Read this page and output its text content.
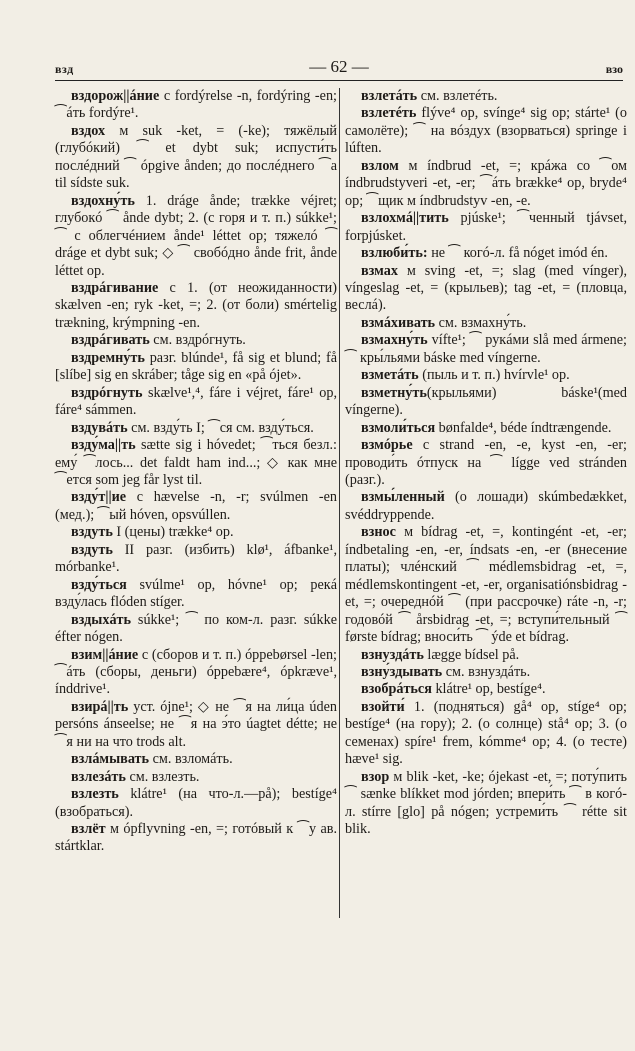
взд	— 62 —	взо

вздорож||áние c fordýrelse -n, fordýring -en; ⁀áть fordýre¹.

вздох м suk -ket, = (-ke); тяжёлый (глубóкий) ⁀ et dybt suk; испусти́ть послéдний ⁀ ópgive ånden; до послéднего ⁀а til sídste suk.

вздохну́ть 1. dráge ånde; trække véjret; глубокó ⁀ ånde dybt; 2. (с горя и т. п.) súkke¹; ⁀ с облегчéнием ånde¹ léttet op; тяжелó ⁀ dráge et dybt suk; ◇ ⁀ свобóдно ånde frit, ånde léttet op.

вздрáгивание c 1. (от неожиданности) skælven -en; ryk -ket, =; 2. (от боли) smértelig trækning, krýmpning -en.

вздрáгивать см. вздрóгнуть.

вздремну́ть разг. blúnde¹, få sig et blund; få [slíbe] sig en skráber; tåge sig en «på ójet».

вздрóгнуть skælve¹,⁴, fáre i véjret, fáre¹ op, fáre⁴ sámmen.

вздувáть см. взду́ть I; ⁀ся см. взду́ться.

взду́ма||ть sætte sig i hóvedet; ⁀ться безл.: ему́ ⁀лось... det faldt ham ind...; ◇ как мне ⁀ется som jeg får lyst til.

взду́т||ие c hævelse -n, -r; svúlmen -en (мед.); ⁀ый hóven, opsvúllen.

вздуть I (цены) trække⁴ op.

вздуть II разг. (избить) klø¹, áfbanke¹, mórbanke¹.

взду́ться svúlme¹ op, hóvne¹ op; рекá взду́лась flóden stíger.

вздыхáть súkke¹; ⁀ по ком-л. разг. súkke éfter nógen.

взим||áние c (сборов и т. п.) óppebørsel -len; ⁀áть (сборы, деньги) óppebære⁴, ópkræve¹, índdrive¹.

взирá||ть уст. ójne¹; ◇ не ⁀я на ли́ца úden persóns ánseelse; не ⁀я на э́то úagtet détte; не ⁀я ни на что trods alt.

взлáмывать см. взломáть.

взлезáть см. взлезть.

взлезть klátre¹ (на что-л.—på); bestíge⁴ (взобраться).

взлёт м ópflyvning -en, =; готóвый к ⁀у ав. stártklar.

взлетáть см. взлетéть.

взлетéть flýve⁴ op, svínge⁴ sig op; stárte¹ (о самолёте); ⁀ на вóздух (взорваться) springe i lúften.

взлом м índbrud -et, =; крáжа со ⁀ом índbrudstyveri -et, -er; ⁀áть brække⁴ op, bryde⁴ op; ⁀щик м índbrudstyv -en, -e.

взлохмá||тить pjúske¹; ⁀ченный tjávset, forpjúsket.

взлюби́ть: не ⁀ когó-л. få nóget imód én.

взмах м sving -et, =; slag (med vínger), víngeslag -et, = (крыльев); tag -et, = (пловца, веслá).

взмáхивать см. взмахну́ть.

взмахну́ть vífte¹; ⁀ рукáми slå med ármene; ⁀ кры́льями báske med víngerne.

взметáть (пыль и т. п.) hvírvle¹ op.

взметну́ть(крыльями) báske¹(med víngerne).

взмоли́ться bønfalde⁴, béde índtrængende.

взмóрье c strand -en, -e, kyst -en, -er; проводи́ть óтпуск на ⁀ lígge ved stránden (разг.).

взмы́ленный (о лошади) skúmbedækket, svéddryppende.

взнос м bídrag -et, =, kontingént -et, -er; índbetaling -en, -er, índsats -en, -er (внесение платы); члéнский ⁀ médlemsbidrag -et, =, médlemskontingent -et, -er, organisatiónsbidrag -et, =; очереднóй ⁀ (при рассрочке) ráte -n, -r; годовóй ⁀ årsbidrag -et, =; вступи́тельный ⁀ første bídrag; вноси́ть ⁀ ýde et bídrag.

взнуздáть lægge bídsel på.

взну́здывать см. взнуздáть.

взобрáться klátre¹ op, bestíge⁴.

взойти́ 1. (подняться) gå⁴ op, stíge⁴ op; bestíge⁴ (на гору); 2. (о солнце) stå⁴ op; 3. (о семенах) spíre¹ frem, kómme⁴ op; 4. (о тесте) hæve¹ sig.

взор м blik -ket, -ke; ójekast -et, =; поту́пить ⁀ sænke blíkket mod jórden; впери́ть ⁀ в когó-л. stírre [glo] på nógen; устреми́ть ⁀ rétte sit blik.
